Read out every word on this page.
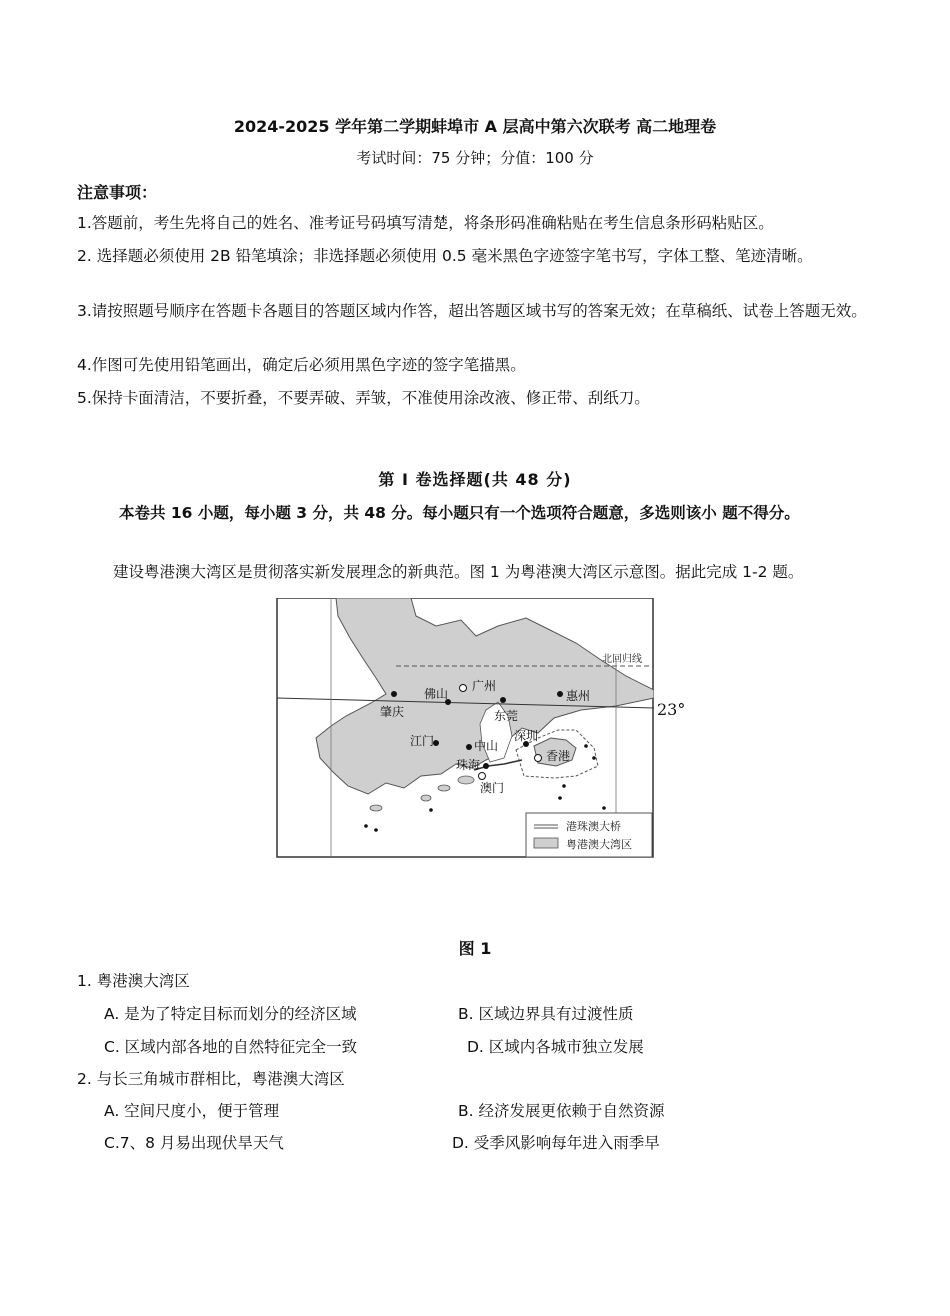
2024-2025 学年第二学期蚌埠市 A 层高中第六次联考 高二地理卷
考试时间：75 分钟；分值：100 分
注意事项：
1.答题前，考生先将自己的姓名、准考证号码填写清楚，将条形码准确粘贴在考生信息条形码粘贴区。
2. 选择题必须使用 2B 铅笔填涂；非选择题必须使用 0.5 毫米黑色字迹签字笔书写，字体工整、笔迹清晰。
3.请按照题号顺序在答题卡各题目的答题区域内作答，超出答题区域书写的答案无效；在草稿纸、试卷上答题无效。
4.作图可先使用铅笔画出，确定后必须用黑色字迹的签字笔描黑。
5.保持卡面清洁，不要折叠，不要弄破、弄皱，不准使用涂改液、修正带、刮纸刀。
第 Ⅰ 卷选择题(共 48 分)
本卷共 16 小题，每小题 3 分，共 48 分。每小题只有一个选项符合题意，多选则该小 题不得分。
建设粤港澳大湾区是贯彻落实新发展理念的新典范。图 1 为粤港澳大湾区示意图。据此完成 1-2 题。
北回归线
肇庆
佛山
广州
东莞
惠州
江门	中山
深圳
珠海
香港
澳门
港珠澳大桥
粤港澳大湾区
23°
图 1
1. 粤港澳大湾区
A. 是为了特定目标而划分的经济区域	B. 区域边界具有过渡性质
C. 区域内部各地的自然特征完全一致	D. 区域内各城市独立发展
2. 与长三角城市群相比，粤港澳大湾区
A. 空间尺度小，便于管理	B. 经济发展更依赖于自然资源
C.7、8 月易出现伏旱天气	D. 受季风影响每年进入雨季早
